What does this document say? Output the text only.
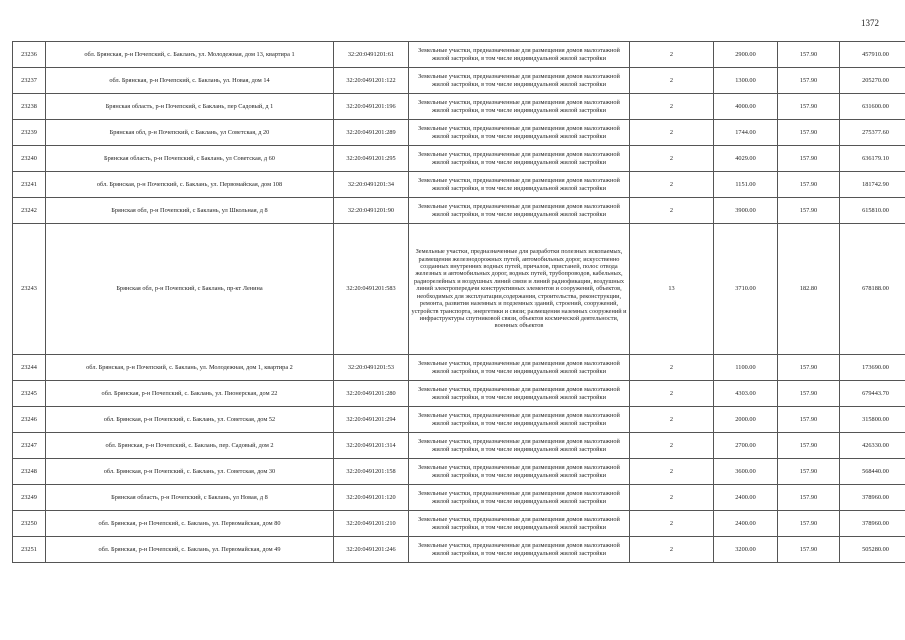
1372
23236	обл. Брянская, р-н Почепский, с. Бакланъ, ул. Молодежная, дом 13, квартира 1	32:20:0491201:61	Земельные участки, предназначенные для размещения домов малоэтажной жилой застройки, в том числе индивидуальной жилой застройки	2	2900.00	157.90	457910.00
23237	обл. Брянская, р-н Почепский, с. Баклань, ул. Новая, дом 14	32:20:0491201:122	Земельные участки, предназначенные для размещения домов малоэтажной жилой застройки, в том числе индивидуальной жилой застройки	2	1300.00	157.90	205270.00
23238	Брянская область, р-н Почепский, с Баклань, пер Садовый, д 1	32:20:0491201:196	Земельные участки, предназначенные для размещения домов малоэтажной жилой застройки, в том числе индивидуальной жилой застройки	2	4000.00	157.90	631600.00
23239	Брянская обл, р-н Почепский, с Баклань, ул Советская, д 20	32:20:0491201:289	Земельные участки, предназначенные для размещения домов малоэтажной жилой застройки, в том числе индивидуальной жилой застройки	2	1744.00	157.90	275377.60
23240	Брянская область, р-н Почепский, с Баклань, ул Советская, д 60	32:20:0491201:295	Земельные участки, предназначенные для размещения домов малоэтажной жилой застройки, в том числе индивидуальной жилой застройки	2	4029.00	157.90	636179.10
23241	обл. Брянская, р-н Почепский, с. Баклань, ул. Первомайская, дом 108	32:20:0491201:34	Земельные участки, предназначенные для размещения домов малоэтажной жилой застройки, в том числе индивидуальной жилой застройки	2	1151.00	157.90	181742.90
23242	Брянская обл, р-н Почепский, с Баклань, ул Школьная, д 8	32:20:0491201:90	Земельные участки, предназначенные для размещения домов малоэтажной жилой застройки, в том числе индивидуальной жилой застройки	2	3900.00	157.90	615810.00
23243	Брянская обл, р-н Почепский, с Баклань, пр-кт Ленина	32:20:0491201:583	Земельные участки, предназначенные для разработки полезных ископаемых, размещения железнодорожных путей, автомобильных дорог, искусственно созданных внутренних водных путей, причалов, пристаней, полос отвода железных и автомобильных дорог, водных путей, трубопроводов, кабельных, радиорелейных и воздушных линий связи и линий радиофикации, воздушных линий электропередачи конструктивных элементов и сооружений, объектов, необходимых для эксплуатации,содержания, строительства, реконструкции, ремонта, развития наземных и подземных зданий, строений, сооружений, устройств транспорта, энергетики и связи; размещения наземных сооружений и инфраструктуры спутниковой связи, объектов космической деятельности, военных объектов	13	3710.00	182.80	678188.00
23244	обл. Брянская, р-н Почепский, с. Баклань, ул. Молодежная, дом 1, квартира 2	32:20:0491201:53	Земельные участки, предназначенные для размещения домов малоэтажной жилой застройки, в том числе индивидуальной жилой застройки	2	1100.00	157.90	173690.00
23245	обл. Брянская, р-н Почепский, с. Баклань, ул. Пионерская, дом 22	32:20:0491201:280	Земельные участки, предназначенные для размещения домов малоэтажной жилой застройки, в том числе индивидуальной жилой застройки	2	4303.00	157.90	679443.70
23246	обл. Брянская, р-н Почепский, с. Баклань, ул. Советская, дом 52	32:20:0491201:294	Земельные участки, предназначенные для размещения домов малоэтажной жилой застройки, в том числе индивидуальной жилой застройки	2	2000.00	157.90	315800.00
23247	обл. Брянская, р-н Почепский, с. Баклань, пер. Садовый, дом 2	32:20:0491201:314	Земельные участки, предназначенные для размещения домов малоэтажной жилой застройки, в том числе индивидуальной жилой застройки	2	2700.00	157.90	426330.00
23248	обл. Брянская, р-н Почепский, с. Баклань, ул. Советская, дом 30	32:20:0491201:158	Земельные участки, предназначенные для размещения домов малоэтажной жилой застройки, в том числе индивидуальной жилой застройки	2	3600.00	157.90	568440.00
23249	Брянская область, р-н Почепский, с Баклань, ул Новая, д 8	32:20:0491201:120	Земельные участки, предназначенные для размещения домов малоэтажной жилой застройки, в том числе индивидуальной жилой застройки	2	2400.00	157.90	378960.00
23250	обл. Брянская, р-н Почепский, с. Баклань, ул. Первомайская, дом 80	32:20:0491201:210	Земельные участки, предназначенные для размещения домов малоэтажной жилой застройки, в том числе индивидуальной жилой застройки	2	2400.00	157.90	378960.00
23251	обл. Брянская, р-н Почепский, с. Баклань, ул. Первомайская, дом 49	32:20:0491201:246	Земельные участки, предназначенные для размещения домов малоэтажной жилой застройки, в том числе индивидуальной жилой застройки	2	3200.00	157.90	505280.00
